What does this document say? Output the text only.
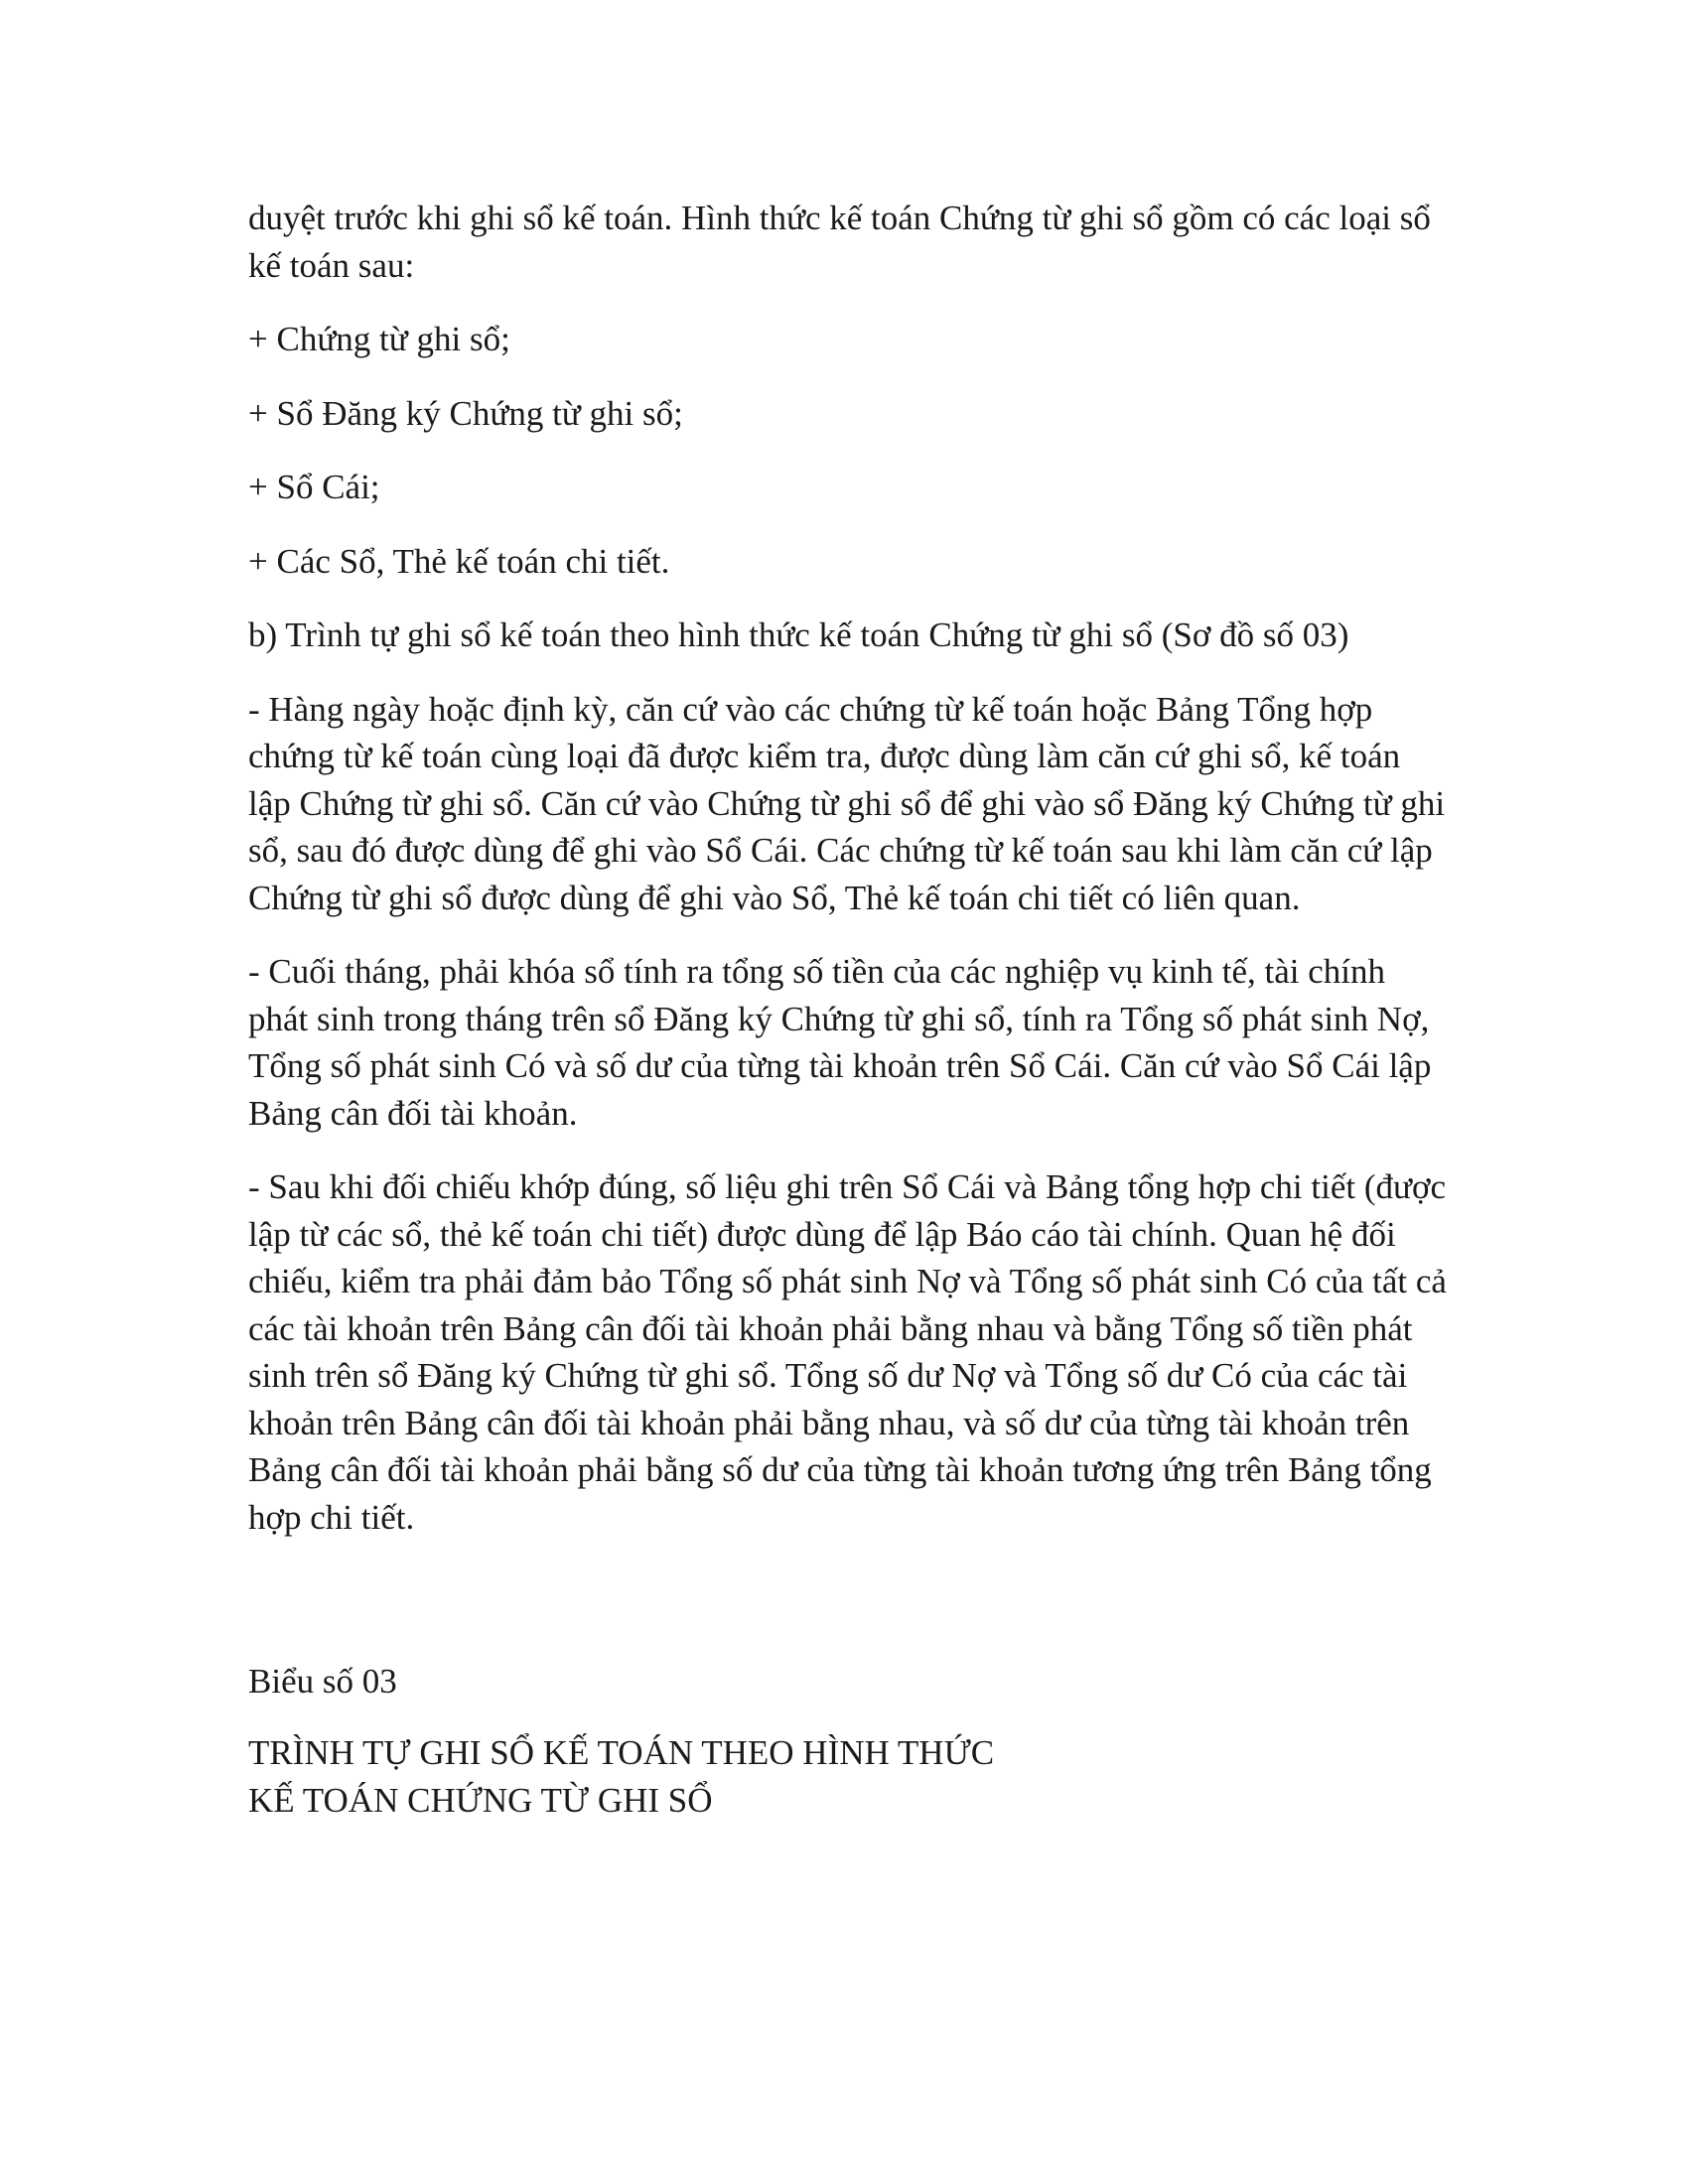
duyệt trước khi ghi sổ kế toán. Hình thức kế toán Chứng từ ghi sổ gồm có các loại sổ kế toán sau:

+ Chứng từ ghi sổ;

+ Sổ Đăng ký Chứng từ ghi sổ;

+ Sổ Cái;

+ Các Sổ, Thẻ kế toán chi tiết.

b) Trình tự ghi sổ kế toán theo hình thức kế toán Chứng từ ghi sổ (Sơ đồ số 03)

- Hàng ngày hoặc định kỳ, căn cứ vào các chứng từ kế toán hoặc Bảng Tổng hợp chứng từ kế toán cùng loại đã được kiểm tra, được dùng làm căn cứ ghi sổ, kế toán lập Chứng từ ghi sổ. Căn cứ vào Chứng từ ghi sổ để ghi vào sổ Đăng ký Chứng từ ghi sổ, sau đó được dùng để ghi vào Sổ Cái. Các chứng từ kế toán sau khi làm căn cứ lập Chứng từ ghi sổ được dùng để ghi vào Sổ, Thẻ kế toán chi tiết có liên quan.

- Cuối tháng, phải khóa sổ tính ra tổng số tiền của các nghiệp vụ kinh tế, tài chính phát sinh trong tháng trên sổ Đăng ký Chứng từ ghi sổ, tính ra Tổng số phát sinh Nợ, Tổng số phát sinh Có và số dư của từng tài khoản trên Sổ Cái. Căn cứ vào Sổ Cái lập Bảng cân đối tài khoản.

- Sau khi đối chiếu khớp đúng, số liệu ghi trên Sổ Cái và Bảng tổng hợp chi tiết (được lập từ các sổ, thẻ kế toán chi tiết) được dùng để lập Báo cáo tài chính. Quan hệ đối chiếu, kiểm tra phải đảm bảo Tổng số phát sinh Nợ và Tổng số phát sinh Có của tất cả các tài khoản trên Bảng cân đối tài khoản phải bằng nhau và bằng Tổng số tiền phát sinh trên sổ Đăng ký Chứng từ ghi sổ. Tổng số dư Nợ và Tổng số dư Có của các tài khoản trên Bảng cân đối tài khoản phải bằng nhau, và số dư của từng tài khoản trên Bảng cân đối tài khoản phải bằng số dư của từng tài khoản tương ứng trên Bảng tổng hợp chi tiết.

Biểu số 03

TRÌNH TỰ GHI SỔ KẾ TOÁN THEO HÌNH THỨC
KẾ TOÁN CHỨNG TỪ GHI SỔ
